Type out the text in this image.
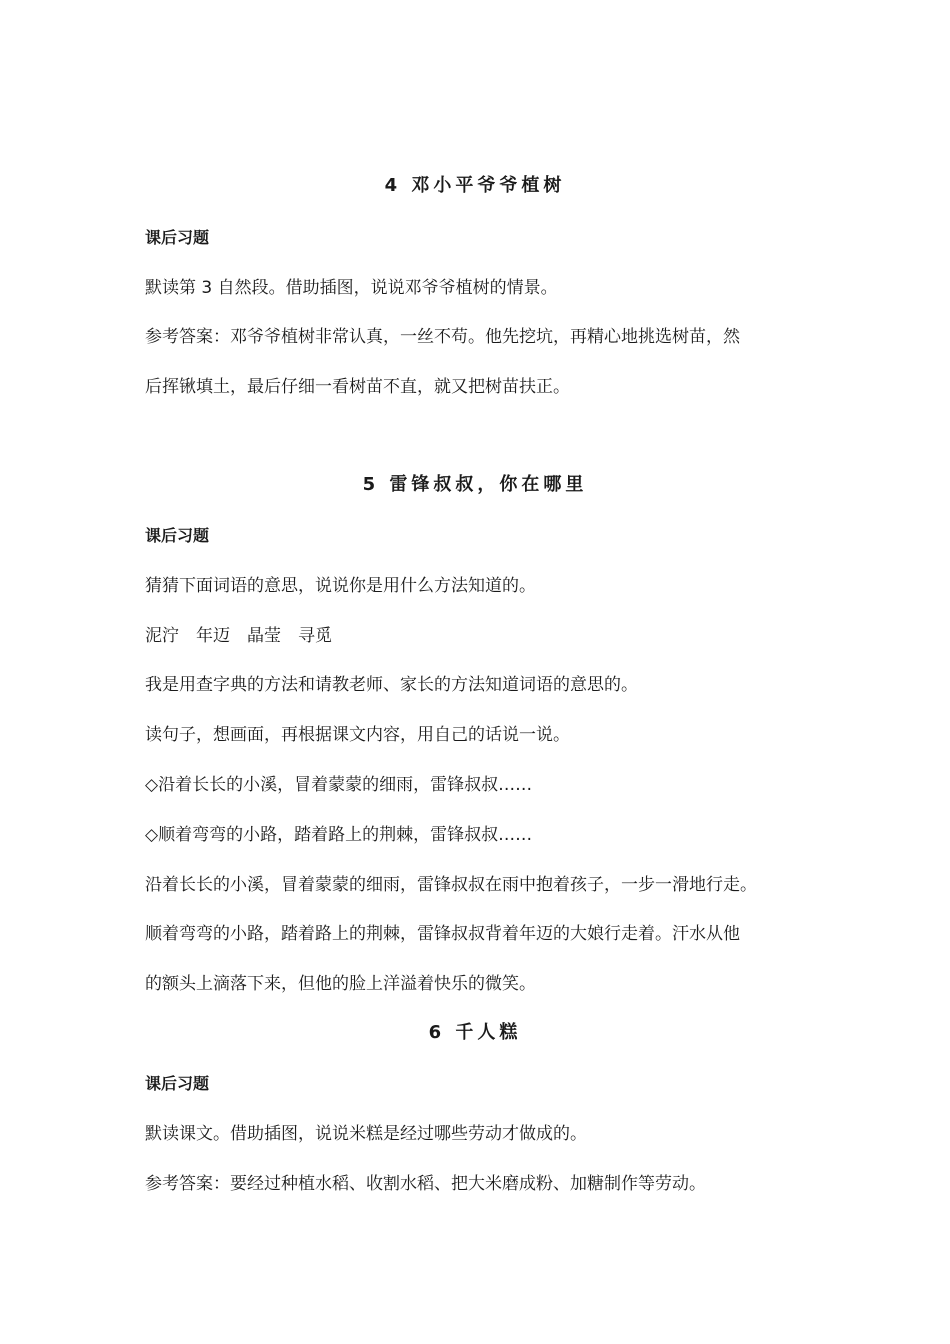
4 邓小平爷爷植树
课后习题
默读第 3 自然段。借助插图，说说邓爷爷植树的情景。
参考答案：邓爷爷植树非常认真，一丝不苟。他先挖坑，再精心地挑选树苗，然
后挥锹填土，最后仔细一看树苗不直，就又把树苗扶正。
5 雷锋叔叔，你在哪里
课后习题
猜猜下面词语的意思，说说你是用什么方法知道的。
泥泞　年迈　晶莹　寻觅
我是用查字典的方法和请教老师、家长的方法知道词语的意思的。
读句子，想画面，再根据课文内容，用自己的话说一说。
◇沿着长长的小溪，冒着蒙蒙的细雨，雷锋叔叔……
◇顺着弯弯的小路，踏着路上的荆棘，雷锋叔叔……
沿着长长的小溪，冒着蒙蒙的细雨，雷锋叔叔在雨中抱着孩子，一步一滑地行走。
顺着弯弯的小路，踏着路上的荆棘，雷锋叔叔背着年迈的大娘行走着。汗水从他
的额头上滴落下来，但他的脸上洋溢着快乐的微笑。
6 千人糕
课后习题
默读课文。借助插图，说说米糕是经过哪些劳动才做成的。
参考答案：要经过种植水稻、收割水稻、把大米磨成粉、加糖制作等劳动。
